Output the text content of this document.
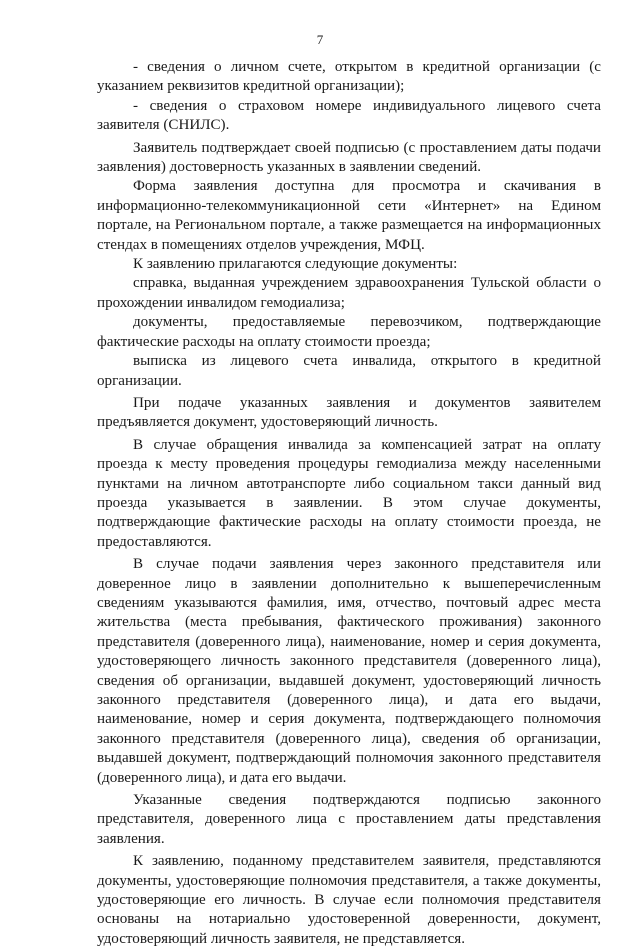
7

- сведения о личном счете, открытом в кредитной организации (с указанием реквизитов кредитной организации);

- сведения о страховом номере индивидуального лицевого счета заявителя (СНИЛС).

Заявитель подтверждает своей подписью (с проставлением даты подачи заявления) достоверность указанных в заявлении сведений.

Форма заявления доступна для просмотра и скачивания в информационно-телекоммуникационной сети «Интернет» на Едином портале, на Региональном портале, а также размещается на информационных стендах в помещениях отделов учреждения, МФЦ.

К заявлению прилагаются следующие документы:

справка, выданная учреждением здравоохранения Тульской области о прохождении инвалидом гемодиализа;

документы, предоставляемые перевозчиком, подтверждающие фактические расходы на оплату стоимости проезда;

выписка из лицевого счета инвалида, открытого в кредитной организации.

При подаче указанных заявления и документов заявителем предъявляется документ, удостоверяющий личность.

В случае обращения инвалида за компенсацией затрат на оплату проезда к месту проведения процедуры гемодиализа между населенными пунктами на личном автотранспорте либо социальном такси данный вид проезда указывается в заявлении. В этом случае документы, подтверждающие фактические расходы на оплату стоимости проезда, не предоставляются.

В случае подачи заявления через законного представителя или доверенное лицо в заявлении дополнительно к вышеперечисленным сведениям указываются фамилия, имя, отчество, почтовый адрес места жительства (места пребывания, фактического проживания) законного представителя (доверенного лица), наименование, номер и серия документа, удостоверяющего личность законного представителя (доверенного лица), сведения об организации, выдавшей документ, удостоверяющий личность законного представителя (доверенного лица), и дата его выдачи, наименование, номер и серия документа, подтверждающего полномочия законного представителя (доверенного лица), сведения об организации, выдавшей документ, подтверждающий полномочия законного представителя (доверенного лица), и дата его выдачи.

Указанные сведения подтверждаются подписью законного представителя, доверенного лица с проставлением даты представления заявления.

К заявлению, поданному представителем заявителя, представляются документы, удостоверяющие полномочия представителя, а также документы, удостоверяющие его личность. В случае если полномочия представителя основаны на нотариально удостоверенной доверенности, документ, удостоверяющий личность заявителя, не представляется.
